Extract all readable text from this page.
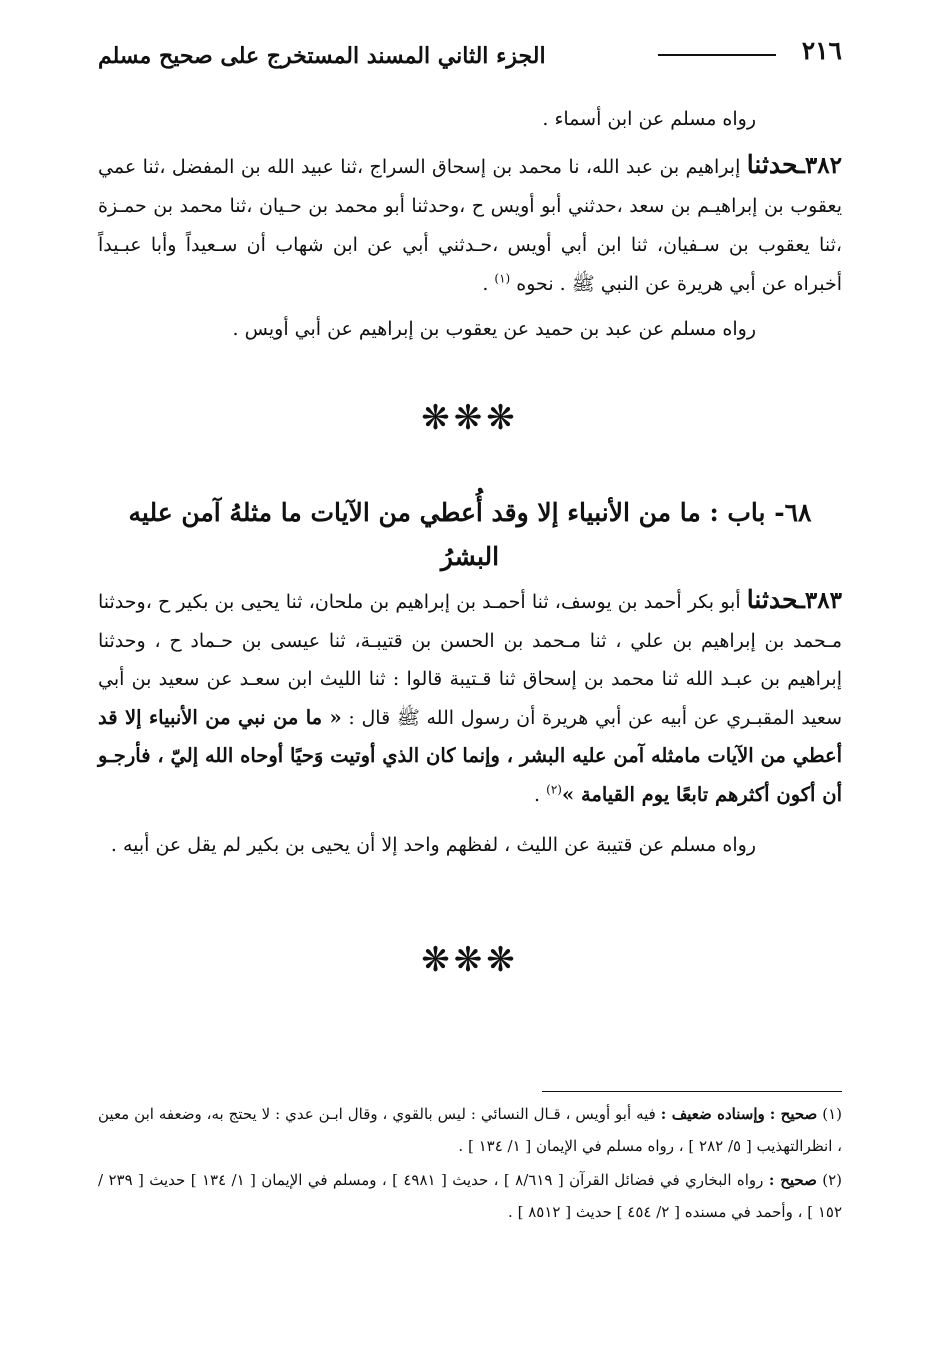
٢١٦
الجزء الثاني المسند المستخرج على صحيح مسلم

رواه مسلم عن ابن أسماء .

٣٨٢ـحدثنا إبراهيم بن عبد الله، نا محمد بن إسحاق السراج ،ثنا عبيد الله بن المفضل ،ثنا عمي يعقوب بن إبراهيـم بن سعد ،حدثني أبو أويس ح ،وحدثنا أبو محمد بن حـيان ،ثنا محمد بن حمـزة ،ثنا يعقوب بن سـفيان، ثنا ابن أبي أويس ،حـدثني أبي عن ابن شهاب أن سـعيداً وأبا عبـيداً أخبراه عن أبي هريرة عن النبي ﷺ . نحوه $^{(١)}$ .

رواه مسلم عن عبد بن حميد عن يعقوب بن إبراهيم عن أبي أويس .

❋❋❋

٦٨- باب : ما من الأنبياء إلا وقد أُعطي من الآيات ما مثلهُ آمن عليه البشرُ

٣٨٣ـحدثنا أبو بكر أحمد بن يوسف، ثنا أحمـد بن إبراهيم بن ملحان، ثنا يحيى بن بكير ح ،وحدثنا مـحمد بن إبراهيم بن علي ، ثنا مـحمد بن الحسن بن قتيبـة، ثنا عيسى بن حـماد ح ، وحدثنا إبراهيم بن عبـد الله ثنا محمد بن إسحاق ثنا قـتيبة قالوا : ثنا الليث ابن سعـد عن سعيد بن أبي سعيد المقبـري عن أبيه عن أبي هريرة أن رسول الله ﷺ قال : « ما من نبي من الأنبياء إلا قد أعطي من الآيات مامثله آمن عليه البشر ، وإنما كان الذي أوتيت وَحيًا أوحاه الله إليّ ، فأرجـو أن أكون أكثرهم تابعًا يوم القيامة »$^{(٢)}$ .

رواه مسلم عن قتيبة عن الليث ، لفظهم واحد إلا أن يحيى بن بكير لم يقل عن أبيه .

❋❋❋

(١) صحيح : وإسناده ضعيف : فيه أبو أويس ، قـال النسائي : ليس بالقوي ، وقال ابـن عدي : لا يحتج به، وضعفه ابن معين ، انظرالتهذيب [ ٥/ ٢٨٢ ] ، رواه مسلم في الإيمان [ ١/ ١٣٤ ] .

(٢) صحيح : رواه البخاري في فضائل القرآن [ ٨/٦١٩ ] ، حديث [ ٤٩٨١ ] ، ومسلم في الإيمان [ ١/ ١٣٤ ] حديث [ ٢٣٩ / ١٥٢ ] ، وأحمد في مسنده [ ٢/ ٤٥٤ ] حديث [ ٨٥١٢ ] .
